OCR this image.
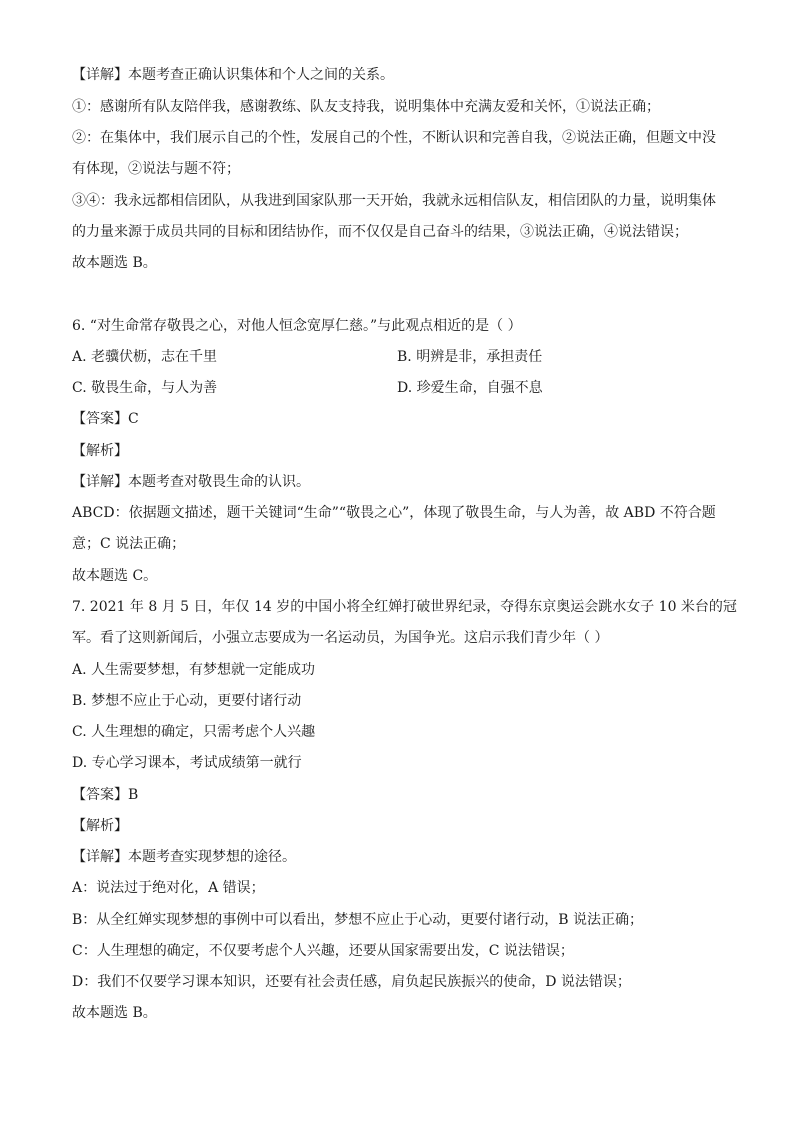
【详解】本题考查正确认识集体和个人之间的关系。
①：感谢所有队友陪伴我，感谢教练、队友支持我，说明集体中充满友爱和关怀，①说法正确；
②：在集体中，我们展示自己的个性，发展自己的个性，不断认识和完善自我，②说法正确，但题文中没
有体现，②说法与题不符；
③④：我永远都相信团队，从我进到国家队那一天开始，我就永远相信队友，相信团队的力量，说明集体
的力量来源于成员共同的目标和团结协作，而不仅仅是自己奋斗的结果，③说法正确，④说法错误；
故本题选 B。
6. “对生命常存敬畏之心，对他人恒念宽厚仁慈。”与此观点相近的是（ ）
A. 老骥伏枥，志在千里	B. 明辨是非，承担责任
C. 敬畏生命，与人为善	D. 珍爱生命，自强不息
【答案】C
【解析】
【详解】本题考查对敬畏生命的认识。
ABCD：依据题文描述，题干关键词“生命”“敬畏之心”，体现了敬畏生命，与人为善，故 ABD 不符合题
意；C 说法正确；
故本题选 C。
7. 2021 年 8 月 5 日，年仅 14 岁的中国小将全红婵打破世界纪录，夺得东京奥运会跳水女子 10 米台的冠
军。看了这则新闻后，小强立志要成为一名运动员，为国争光。这启示我们青少年（ ）
A. 人生需要梦想，有梦想就一定能成功
B. 梦想不应止于心动，更要付诸行动
C. 人生理想的确定，只需考虑个人兴趣
D. 专心学习课本，考试成绩第一就行
【答案】B
【解析】
【详解】本题考查实现梦想的途径。
A：说法过于绝对化，A 错误；
B：从全红婵实现梦想的事例中可以看出，梦想不应止于心动，更要付诸行动，B 说法正确；
C：人生理想的确定，不仅要考虑个人兴趣，还要从国家需要出发，C 说法错误；
D：我们不仅要学习课本知识，还要有社会责任感，肩负起民族振兴的使命，D 说法错误；
故本题选 B。
